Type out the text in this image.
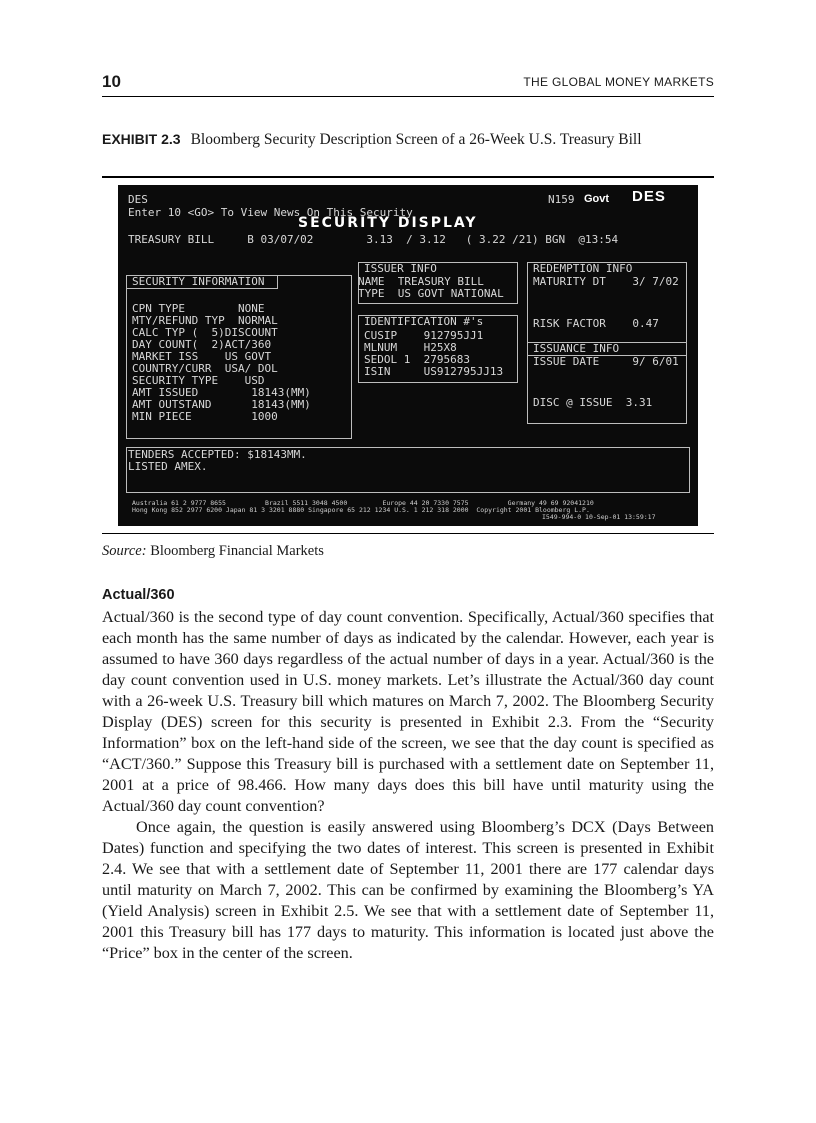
10	THE GLOBAL MONEY MARKETS
EXHIBIT 2.3 Bloomberg Security Description Screen of a 26-Week U.S. Treasury Bill
DES
Enter 10 <GO> To View News On This Security
N159 Govt DES
SECURITY DISPLAY
TREASURY BILL     B 03/07/02        3.13  / 3.12   ( 3.22 /21) BGN  @13:54
SECURITY INFORMATION
CPN TYPE        NONE
MTY/REFUND TYP  NORMAL
CALC TYP (  5)DISCOUNT
DAY COUNT(  2)ACT/360
MARKET ISS    US GOVT
COUNTRY/CURR  USA/ DOL
SECURITY TYPE    USD
AMT ISSUED        18143(MM)
AMT OUTSTAND      18143(MM)
MIN PIECE         1000
ISSUER INFO
NAME  TREASURY BILL
TYPE  US GOVT NATIONAL
IDENTIFICATION #'s
CUSIP    912795JJ1
MLNUM    H25X8
SEDOL 1  2795683
ISIN     US912795JJ13
REDEMPTION INFO
MATURITY DT    3/ 7/02
RISK FACTOR    0.47
ISSUANCE INFO
ISSUE DATE     9/ 6/01
DISC @ ISSUE  3.31
TENDERS ACCEPTED: $18143MM.
LISTED AMEX.
Australia 61 2 9777 8655          Brazil 5511 3048 4500         Europe 44 20 7330 7575          Germany 49 69 92041210
Hong Kong 852 2977 6200 Japan 81 3 3201 8880 Singapore 65 212 1234 U.S. 1 212 318 2000  Copyright 2001 Bloomberg L.P.
I549-994-0 10-Sep-01 13:59:17
Source: Bloomberg Financial Markets
Actual/360

Actual/360 is the second type of day count convention. Specifically, Actual/360 specifies that each month has the same number of days as indicated by the calendar. However, each year is assumed to have 360 days regardless of the actual number of days in a year. Actual/360 is the day count convention used in U.S. money markets. Let’s illustrate the Actual/360 day count with a 26-week U.S. Treasury bill which matures on March 7, 2002. The Bloomberg Security Display (DES) screen for this security is presented in Exhibit 2.3. From the “Security Information” box on the left-hand side of the screen, we see that the day count is specified as “ACT/360.” Suppose this Treasury bill is purchased with a settlement date on September 11, 2001 at a price of 98.466. How many days does this bill have until maturity using the Actual/360 day count convention?

Once again, the question is easily answered using Bloomberg’s DCX (Days Between Dates) function and specifying the two dates of interest. This screen is presented in Exhibit 2.4. We see that with a settlement date of September 11, 2001 there are 177 calendar days until maturity on March 7, 2002. This can be confirmed by examining the Bloomberg’s YA (Yield Analysis) screen in Exhibit 2.5. We see that with a settlement date of September 11, 2001 this Treasury bill has 177 days to maturity. This information is located just above the “Price” box in the center of the screen.
